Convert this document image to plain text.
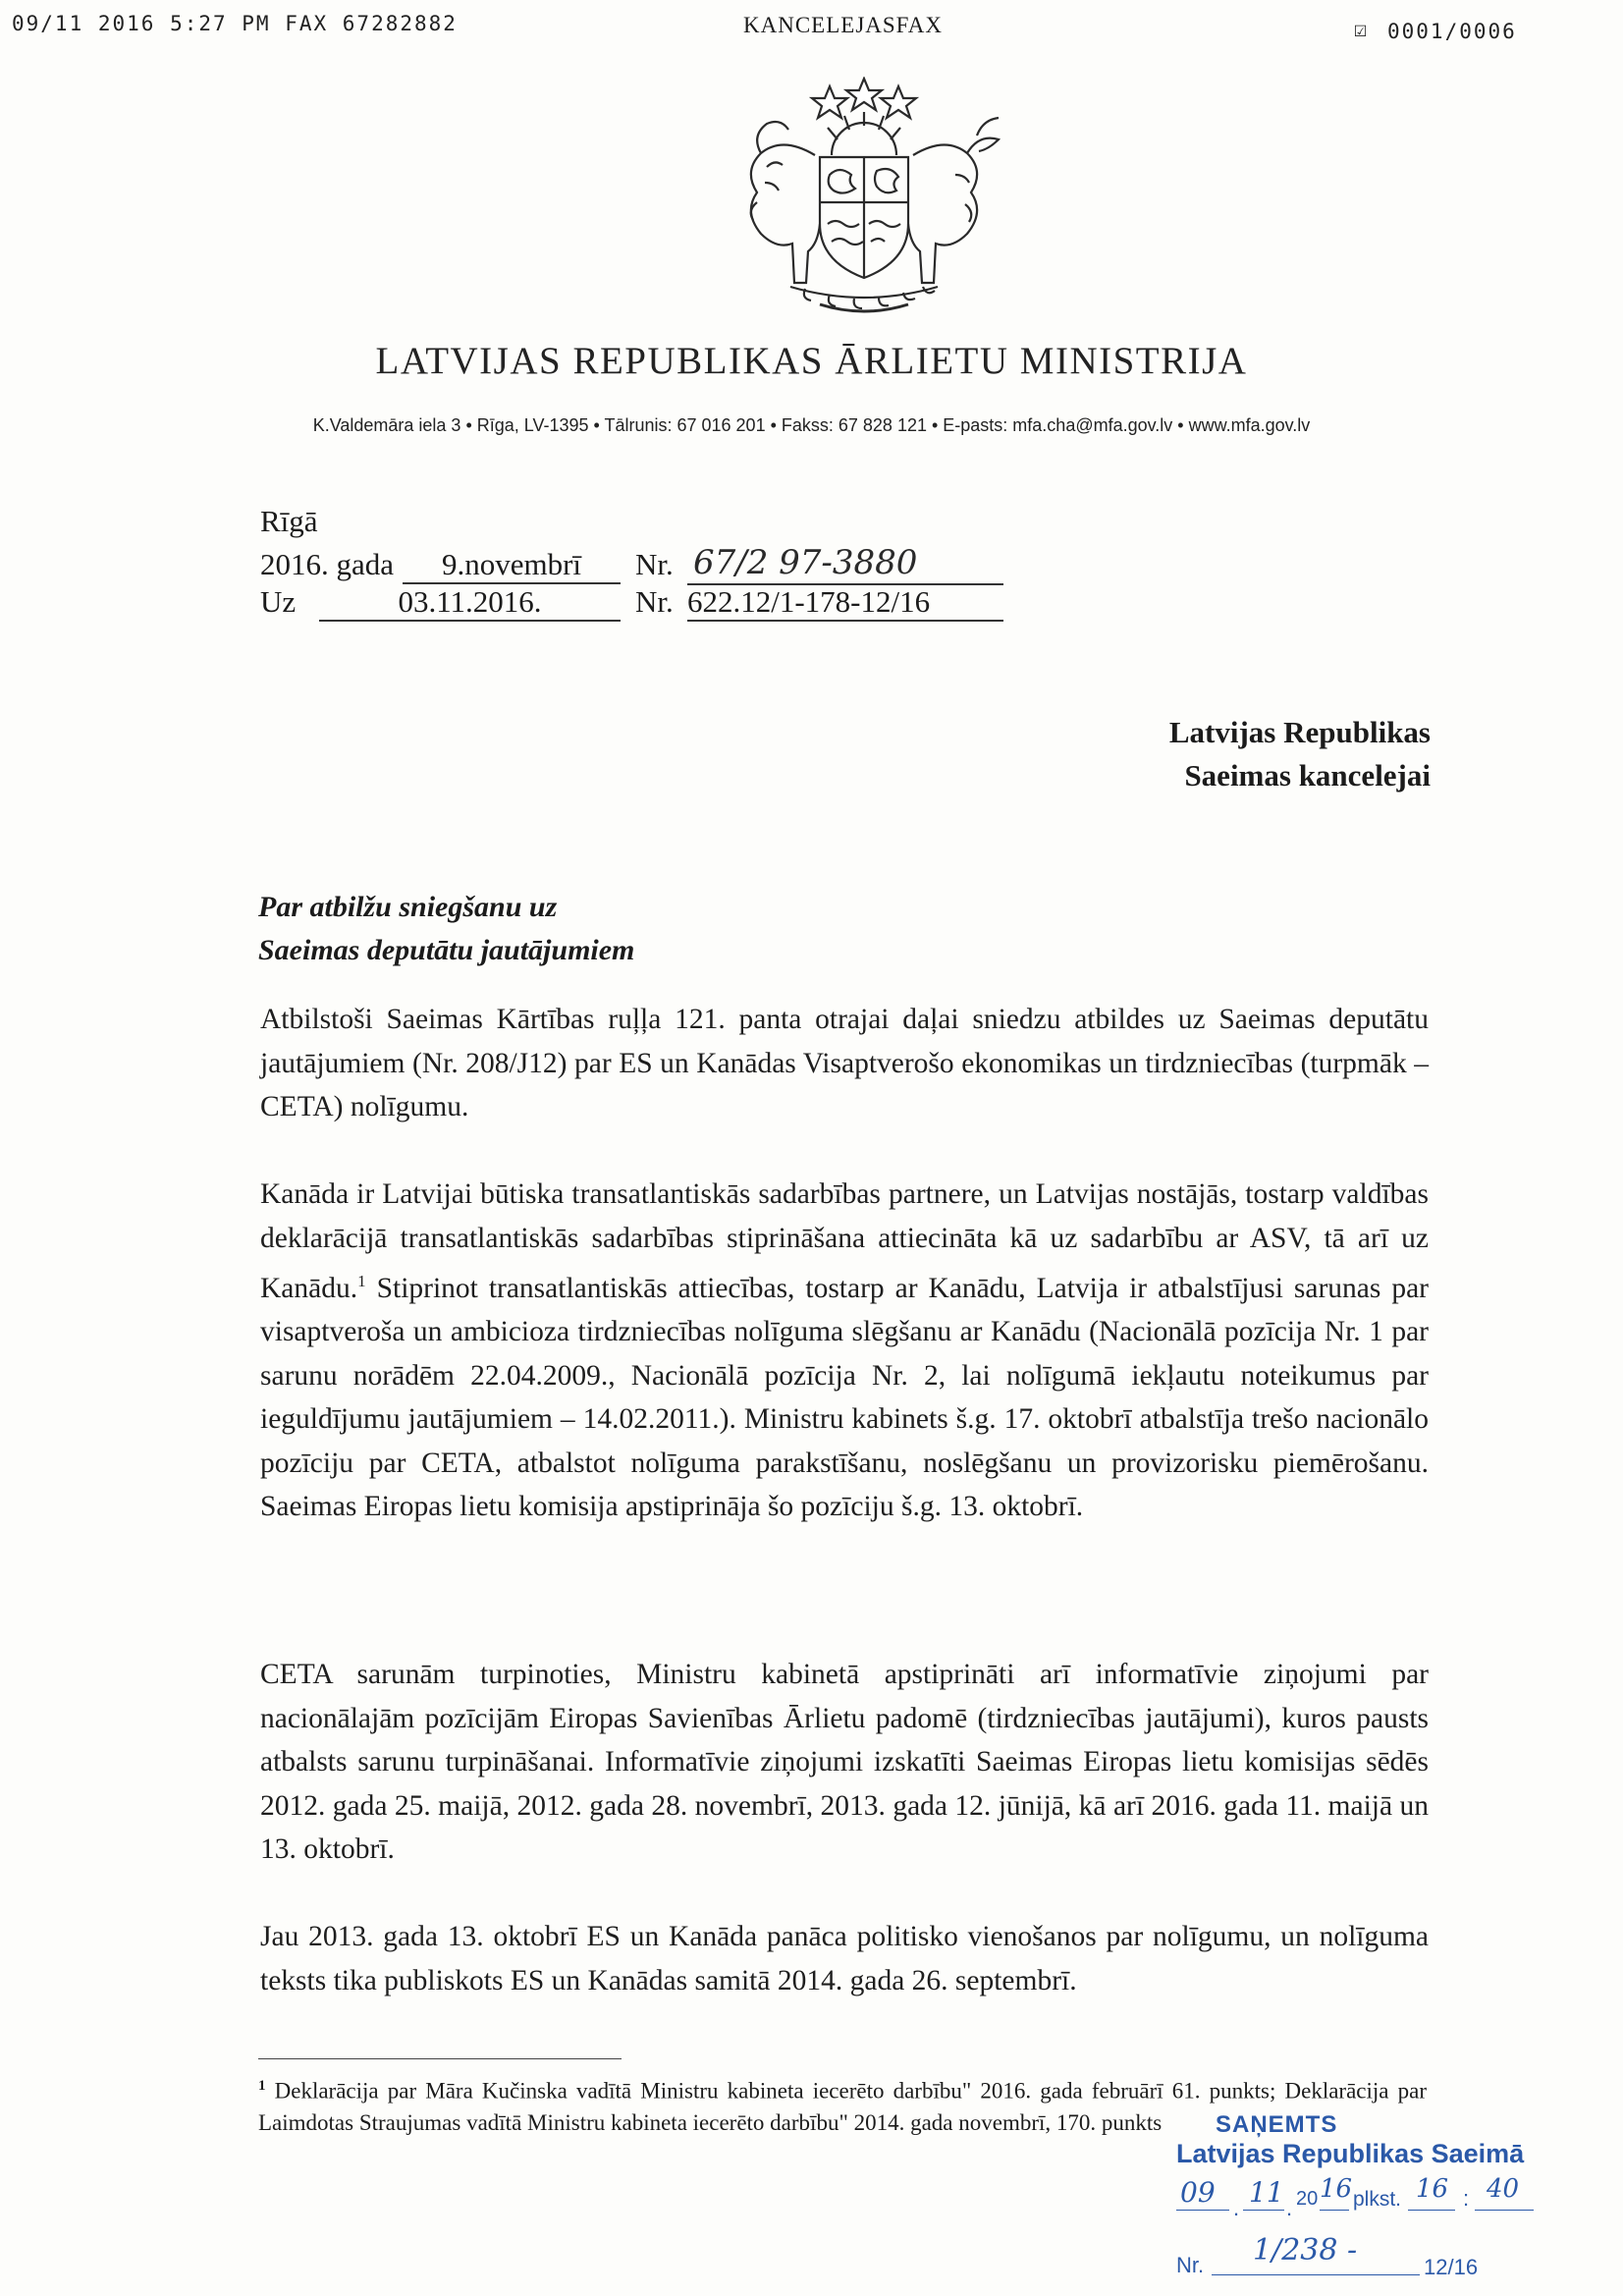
09/11 2016 5:27 PM FAX 67282882	KANCELEJASFAX	☑ 0001/0006
LATVIJAS REPUBLIKAS ĀRLIETU MINISTRIJA
K.Valdemāra iela 3 • Rīga, LV-1395 • Tālrunis: 67 016 201 • Fakss: 67 828 121 • E-pasts: mfa.cha@mfa.gov.lv • www.mfa.gov.lv
Rīgā
2016. gada	9.novembrī	Nr. 67/2 97-3880
Uz	03.11.2016.	Nr. 622.12/1-178-12/16
Latvijas Republikas
Saeimas kancelejai
Par atbilžu sniegšanu uz
Saeimas deputātu jautājumiem
Atbilstoši Saeimas Kārtības ruļļa 121. panta otrajai daļai sniedzu atbildes uz Saeimas deputātu jautājumiem (Nr. 208/J12) par ES un Kanādas Visaptverošo ekonomikas un tirdzniecības (turpmāk – CETA) nolīgumu.
Kanāda ir Latvijai būtiska transatlantiskās sadarbības partnere, un Latvijas nostājās, tostarp valdības deklarācijā transatlantiskās sadarbības stiprināšana attiecināta kā uz sadarbību ar ASV, tā arī uz Kanādu.$^1$ Stiprinot transatlantiskās attiecības, tostarp ar Kanādu, Latvija ir atbalstījusi sarunas par visaptveroša un ambicioza tirdzniecības nolīguma slēgšanu ar Kanādu (Nacionālā pozīcija Nr. 1 par sarunu norādēm 22.04.2009., Nacionālā pozīcija Nr. 2, lai nolīgumā iekļautu noteikumus par ieguldījumu jautājumiem – 14.02.2011.). Ministru kabinets š.g. 17. oktobrī atbalstīja trešo nacionālo pozīciju par CETA, atbalstot nolīguma parakstīšanu, noslēgšanu un provizorisku piemērošanu. Saeimas Eiropas lietu komisija apstiprināja šo pozīciju š.g. 13. oktobrī.
CETA sarunām turpinoties, Ministru kabinetā apstiprināti arī informatīvie ziņojumi par nacionālajām pozīcijām Eiropas Savienības Ārlietu padomē (tirdzniecības jautājumi), kuros pausts atbalsts sarunu turpināšanai. Informatīvie ziņojumi izskatīti Saeimas Eiropas lietu komisijas sēdēs 2012. gada 25. maijā, 2012. gada 28. novembrī, 2013. gada 12. jūnijā, kā arī 2016. gada 11. maijā un 13. oktobrī.
Jau 2013. gada 13. oktobrī ES un Kanāda panāca politisko vienošanos par nolīgumu, un nolīguma teksts tika publiskots ES un Kanādas samitā 2014. gada 26. septembrī.
$^1$ Deklarācija par Māra Kučinska vadītā Ministru kabineta iecerēto darbību" 2016. gada februārī 61. punkts; Deklarācija par Laimdotas Straujumas vadītā Ministru kabineta iecerēto darbību" 2014. gada novembrī, 170. punkts	SAŅEMTS
Latvijas Republikas Saeimā
09 . 11 . 20 16 plkst. 16 : 40
Nr. 1/238 -	12/16
